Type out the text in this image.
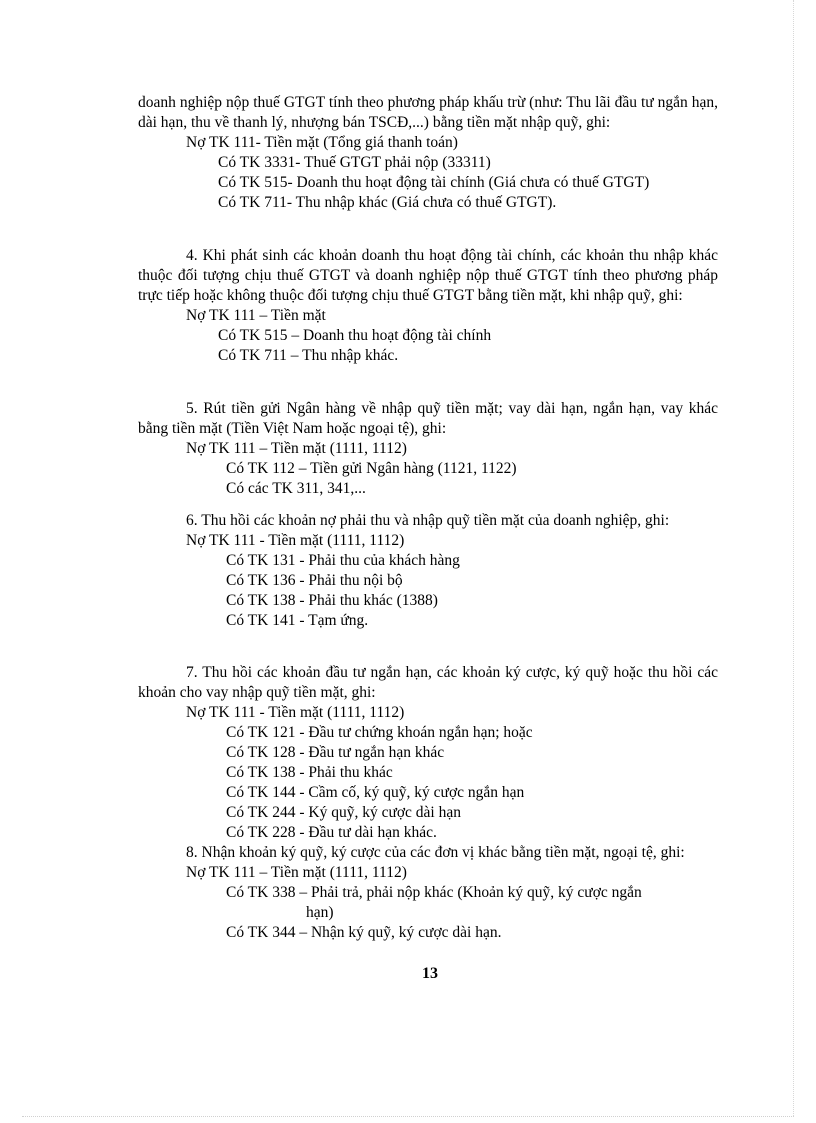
doanh nghiệp nộp thuế GTGT tính theo phương pháp khấu trừ (như: Thu lãi đầu tư ngắn hạn, dài hạn, thu về thanh lý, nhượng bán TSCĐ,...) bằng tiền mặt nhập quỹ, ghi:

Nợ TK 111- Tiền mặt (Tổng giá thanh toán)

Có TK 3331- Thuế GTGT phải nộp (33311)

Có TK 515- Doanh thu hoạt động tài chính (Giá chưa có thuế GTGT)

Có TK 711- Thu nhập khác (Giá chưa có thuế GTGT).

4. Khi phát sinh các khoản doanh thu hoạt động tài chính, các khoản thu nhập khác thuộc đối tượng chịu thuế GTGT và doanh nghiệp nộp thuế GTGT tính theo phương pháp trực tiếp hoặc không thuộc đối tượng chịu thuế GTGT bằng tiền mặt, khi nhập quỹ, ghi:

Nợ TK 111 – Tiền mặt

Có TK 515 – Doanh thu hoạt động tài chính

Có TK 711 – Thu nhập khác.

5. Rút tiền gửi Ngân hàng về nhập quỹ tiền mặt; vay dài hạn, ngắn hạn, vay khác bằng tiền mặt (Tiền Việt Nam hoặc ngoại tệ), ghi:

Nợ TK 111 – Tiền mặt (1111, 1112)

Có TK 112 – Tiền gửi Ngân hàng (1121, 1122)

Có các TK 311, 341,...

6. Thu hồi các khoản nợ phải thu và nhập quỹ tiền mặt của doanh nghiệp, ghi:

Nợ TK 111 - Tiền mặt (1111, 1112)

Có TK 131 - Phải thu của khách hàng

Có TK 136 - Phải thu nội bộ

Có TK 138 - Phải thu khác (1388)

Có TK 141 - Tạm ứng.

7. Thu hồi các khoản đầu tư ngắn hạn, các khoản ký cược, ký quỹ hoặc thu hồi các khoản cho vay nhập quỹ tiền mặt, ghi:

Nợ TK 111 - Tiền mặt (1111, 1112)

Có TK 121 - Đầu tư chứng khoán ngắn hạn; hoặc

Có TK 128 - Đầu tư ngắn hạn khác

Có TK 138 - Phải thu khác

Có TK 144 - Cầm cố, ký quỹ, ký cược ngắn hạn

Có TK 244 - Ký quỹ, ký cược dài hạn

Có TK 228 - Đầu tư dài hạn khác.

8. Nhận khoản ký quỹ, ký cược của các đơn vị khác bằng tiền mặt, ngoại tệ, ghi:

Nợ TK 111 – Tiền mặt (1111, 1112)

Có TK 338 – Phải trả, phải nộp khác (Khoản ký quỹ, ký cược ngắn

hạn)

Có TK 344 – Nhận ký quỹ, ký cược dài hạn.

13
